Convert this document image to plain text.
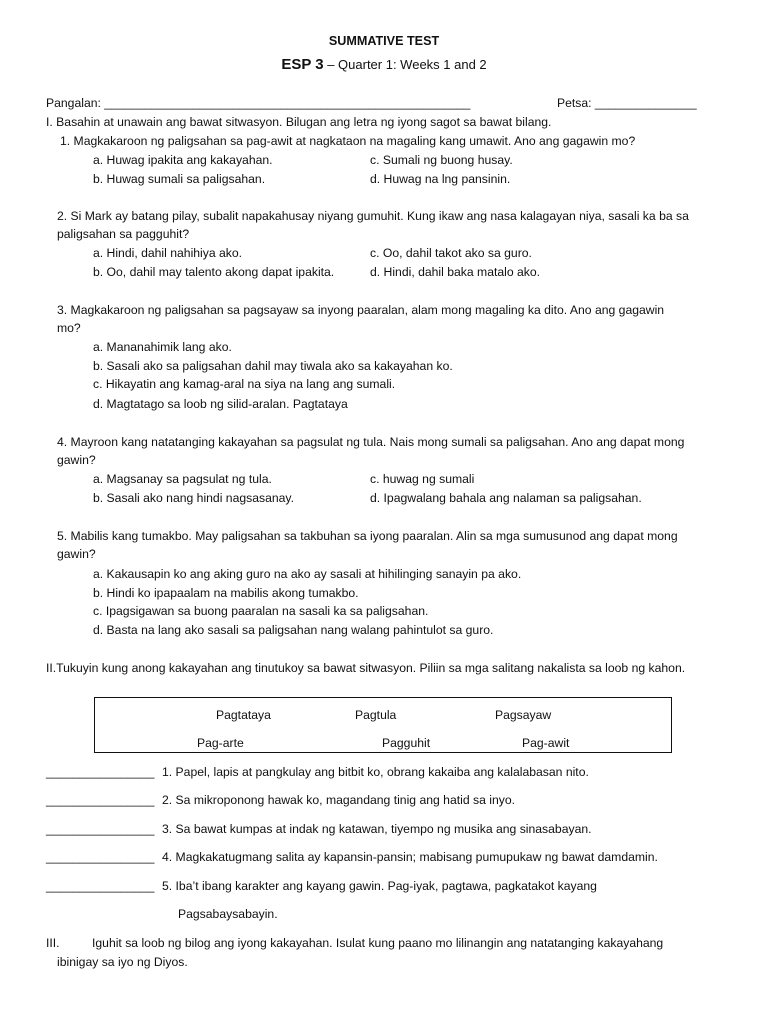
SUMMATIVE TEST
ESP 3 – Quarter 1: Weeks 1 and 2
Pangalan: ______________________________________________________	Petsa: _______________
I. Basahin at unawain ang bawat sitwasyon. Bilugan ang letra ng iyong sagot sa bawat bilang.
1. Magkakaroon ng paligsahan sa pag-awit at nagkataon na magaling kang umawit. Ano ang gagawin mo?
a. Huwag ipakita ang kakayahan.	c. Sumali ng buong husay.
b. Huwag sumali sa paligsahan.	d. Huwag na lng pansinin.
2. Si Mark ay batang pilay, subalit napakahusay niyang gumuhit. Kung ikaw ang nasa kalagayan niya, sasali ka ba sa
paligsahan sa pagguhit?
a. Hindi, dahil nahihiya ako.	c. Oo, dahil takot ako sa guro.
b. Oo, dahil may talento akong dapat ipakita.	d. Hindi, dahil baka matalo ako.
3. Magkakaroon ng paligsahan sa pagsayaw sa inyong paaralan, alam mong magaling ka dito. Ano ang gagawin
mo?
a. Mananahimik lang ako.
b. Sasali ako sa paligsahan dahil may tiwala ako sa kakayahan ko.
c. Hikayatin ang kamag-aral na siya na lang ang sumali.
d. Magtatago sa loob ng silid-aralan. Pagtataya
4. Mayroon kang natatanging kakayahan sa pagsulat ng tula. Nais mong sumali sa paligsahan. Ano ang dapat mong
gawin?
a. Magsanay sa pagsulat ng tula.	c. huwag ng sumali
b. Sasali ako nang hindi nagsasanay.	d. Ipagwalang bahala ang nalaman sa paligsahan.
5. Mabilis kang tumakbo. May paligsahan sa takbuhan sa iyong paaralan. Alin sa mga sumusunod ang dapat mong
gawin?
a. Kakausapin ko ang aking guro na ako ay sasali at hihilinging sanayin pa ako.
b. Hindi ko ipapaalam na mabilis akong tumakbo.
c. Ipagsigawan sa buong paaralan na sasali ka sa paligsahan.
d. Basta na lang ako sasali sa paligsahan nang walang pahintulot sa guro.
II.Tukuyin kung anong kakayahan ang tinutukoy sa bawat sitwasyon. Piliin sa mga salitang nakalista sa loob ng kahon.
Pagtataya	Pagtula	Pagsayaw
Pag-arte	Pagguhit	Pag-awit
________________ 1. Papel, lapis at pangkulay ang bitbit ko, obrang kakaiba ang kalalabasan nito.
________________ 2. Sa mikroponong hawak ko, magandang tinig ang hatid sa inyo.
________________ 3. Sa bawat kumpas at indak ng katawan, tiyempo ng musika ang sinasabayan.
________________ 4. Magkakatugmang salita ay kapansin-pansin; mabisang pumupukaw ng bawat damdamin.
________________ 5. Iba’t ibang karakter ang kayang gawin. Pag-iyak, pagtawa, pagkatakot kayang
Pagsabaysabayin.
III.	Iguhit sa loob ng bilog ang iyong kakayahan. Isulat kung paano mo lilinangin ang natatanging kakayahang
ibinigay sa iyo ng Diyos.
